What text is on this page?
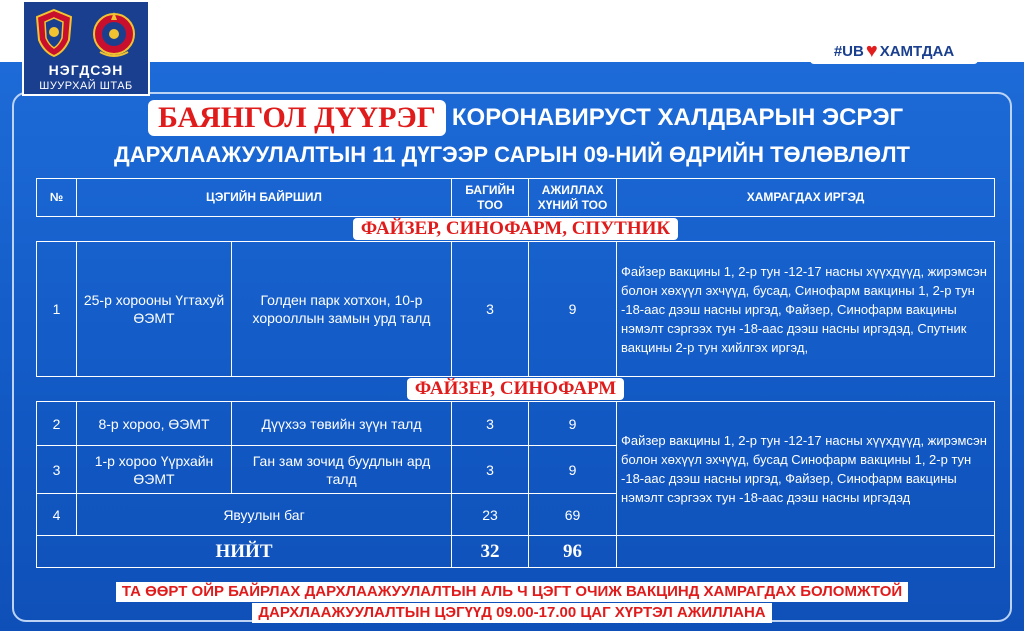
НЭГДСЭН
ШУУРХАЙ ШТАБ
#UB ♥ ХАМТДАА
БАЯНГОЛ ДҮҮРЭГ КОРОНАВИРУСТ ХАЛДВАРЫН ЭСРЭГ
ДАРХЛААЖУУЛАЛТЫН 11 ДҮГЭЭР САРЫН 09-НИЙ ӨДРИЙН ТӨЛӨВЛӨЛТ
№	ЦЭГИЙН БАЙРШИЛ		БАГИЙН ТОО	АЖИЛЛАХ ХҮНИЙ ТОО	ХАМРАГДАХ ИРГЭД
ФАЙЗЕР, СИНОФАРМ, СПУТНИК					
1	25-р хорооны Үгтахуй ӨЭМТ	Голден парк хотхон, 10-р хорооллын замын урд талд	3	9	Файзер вакцины 1, 2-р тун -12-17 насны хүүхдүүд, жирэмсэн болон хөхүүл эхчүүд, бусад, Синофарм вакцины 1, 2-р тун -18-аас дээш насны иргэд, Файзер, Синофарм вакцины нэмэлт сэргээх тун -18-аас дээш насны иргэдэд, Спутник вакцины 2-р тун хийлгэх иргэд,
ФАЙЗЕР, СИНОФАРМ					
2	8-р хороо, ӨЭМТ	Дүүхээ төвийн зүүн талд	3	9	Файзер вакцины 1, 2-р тун -12-17 насны хүүхдүүд, жирэмсэн болон хөхүүл эхчүүд, бусад Синофарм вакцины 1, 2-р тун -18-аас дээш насны иргэд, Файзер, Синофарм вакцины нэмэлт сэргээх тун -18-аас дээш насны иргэдэд
3	1-р хороо Үүрхайн ӨЭМТ	Ган зам зочид буудлын ард талд	3	9	
4	Явуулын баг		23	69	
НИЙТ			32	96	
ТА ӨӨРТ ОЙР БАЙРЛАХ ДАРХЛААЖУУЛАЛТЫН АЛЬ Ч ЦЭГТ ОЧИЖ ВАКЦИНД ХАМРАГДАХ БОЛОМЖТОЙ
ДАРХЛААЖУУЛАЛТЫН ЦЭГҮҮД 09.00-17.00 ЦАГ ХҮРТЭЛ АЖИЛЛАНА
